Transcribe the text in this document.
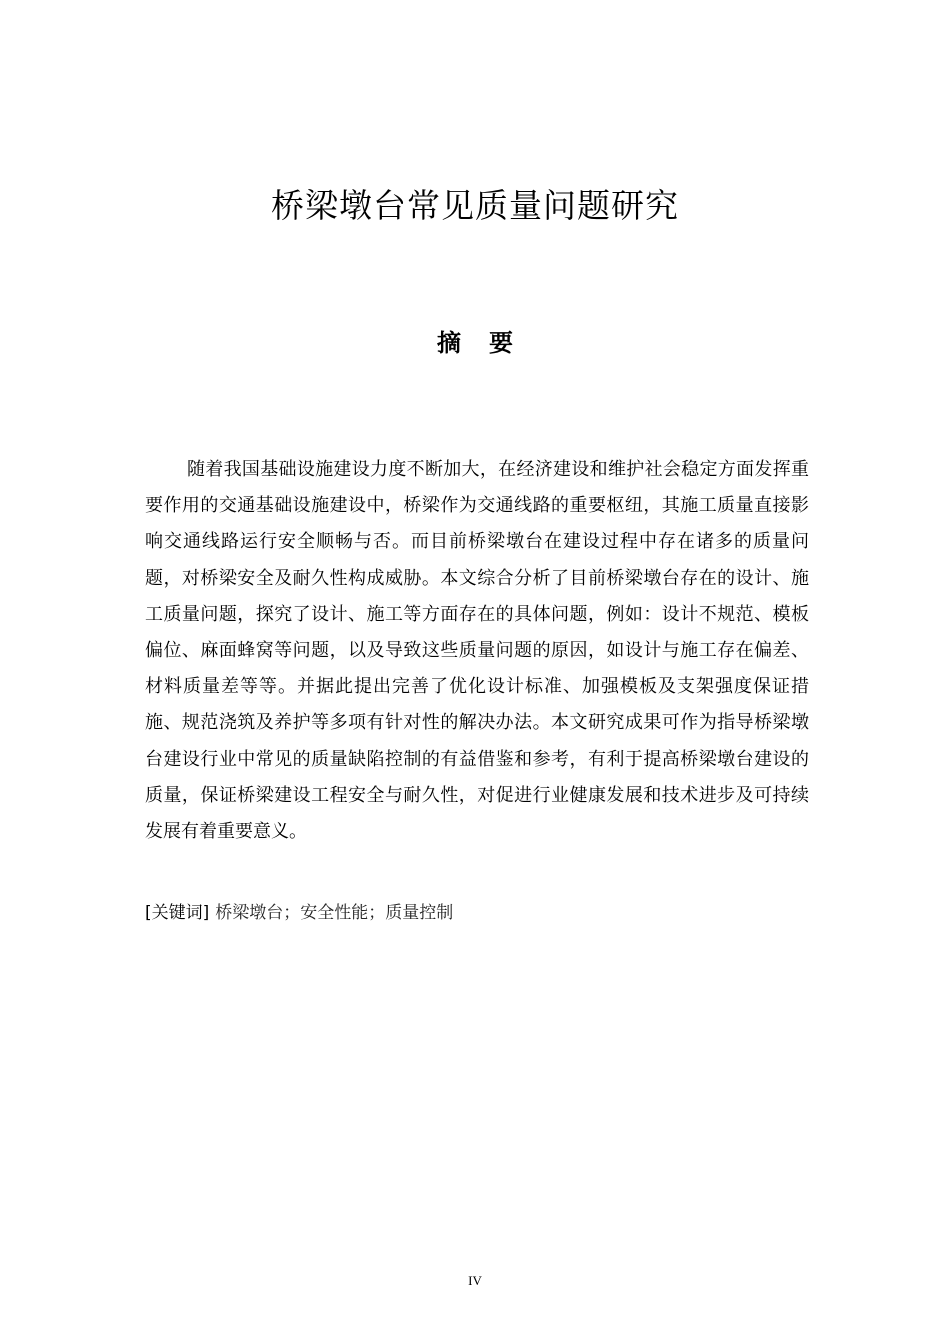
桥梁墩台常见质量问题研究
摘要

随着我国基础设施建设力度不断加大，在经济建设和维护社会稳定方面发挥重要作用的交通基础设施建设中，桥梁作为交通线路的重要枢纽，其施工质量直接影响交通线路运行安全顺畅与否。而目前桥梁墩台在建设过程中存在诸多的质量问题，对桥梁安全及耐久性构成威胁。本文综合分析了目前桥梁墩台存在的设计、施工质量问题，探究了设计、施工等方面存在的具体问题，例如：设计不规范、模板偏位、麻面蜂窝等问题，以及导致这些质量问题的原因，如设计与施工存在偏差、材料质量差等等。并据此提出完善了优化设计标准、加强模板及支架强度保证措施、规范浇筑及养护等多项有针对性的解决办法。本文研究成果可作为指导桥梁墩台建设行业中常见的质量缺陷控制的有益借鉴和参考，有利于提高桥梁墩台建设的质量，保证桥梁建设工程安全与耐久性，对促进行业健康发展和技术进步及可持续发展有着重要意义。

[关键词] 桥梁墩台；安全性能；质量控制
IV
